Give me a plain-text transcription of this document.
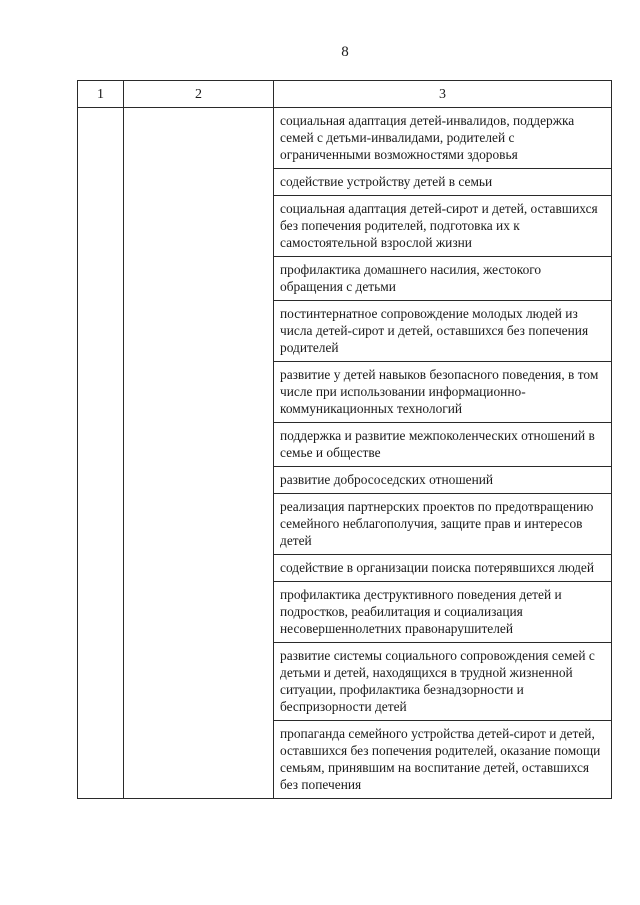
8
1	2	3

		социальная адаптация детей-инвалидов, поддержка семей с детьми-инвалидами, родителей с ограниченными возможностями здоровья

		содействие устройству детей в семьи

		социальная адаптация детей-сирот и детей, оставшихся без попечения родителей, подготовка их к самостоятельной взрослой жизни

		профилактика домашнего насилия, жестокого обращения с детьми

		постинтернатное сопровождение молодых людей из числа детей-сирот и детей, оставшихся без попечения родителей

		развитие у детей навыков безопасного поведения, в том числе при использовании информационно-коммуникационных технологий

		поддержка и развитие межпоколенческих отношений в семье и обществе

		развитие добрососедских отношений

		реализация партнерских проектов по предотвращению семейного неблагополучия, защите прав и интересов детей

		содействие в организации поиска потерявшихся людей

		профилактика деструктивного поведения детей и подростков, реабилитация и социализация несовершеннолетних правонарушителей

		развитие системы социального сопровождения семей с детьми и детей, находящихся в трудной жизненной ситуации, профилактика безнадзорности и беспризорности детей

		пропаганда семейного устройства детей-сирот и детей, оставшихся без попечения родителей, оказание помощи семьям, принявшим на воспитание детей, оставшихся без попечения
